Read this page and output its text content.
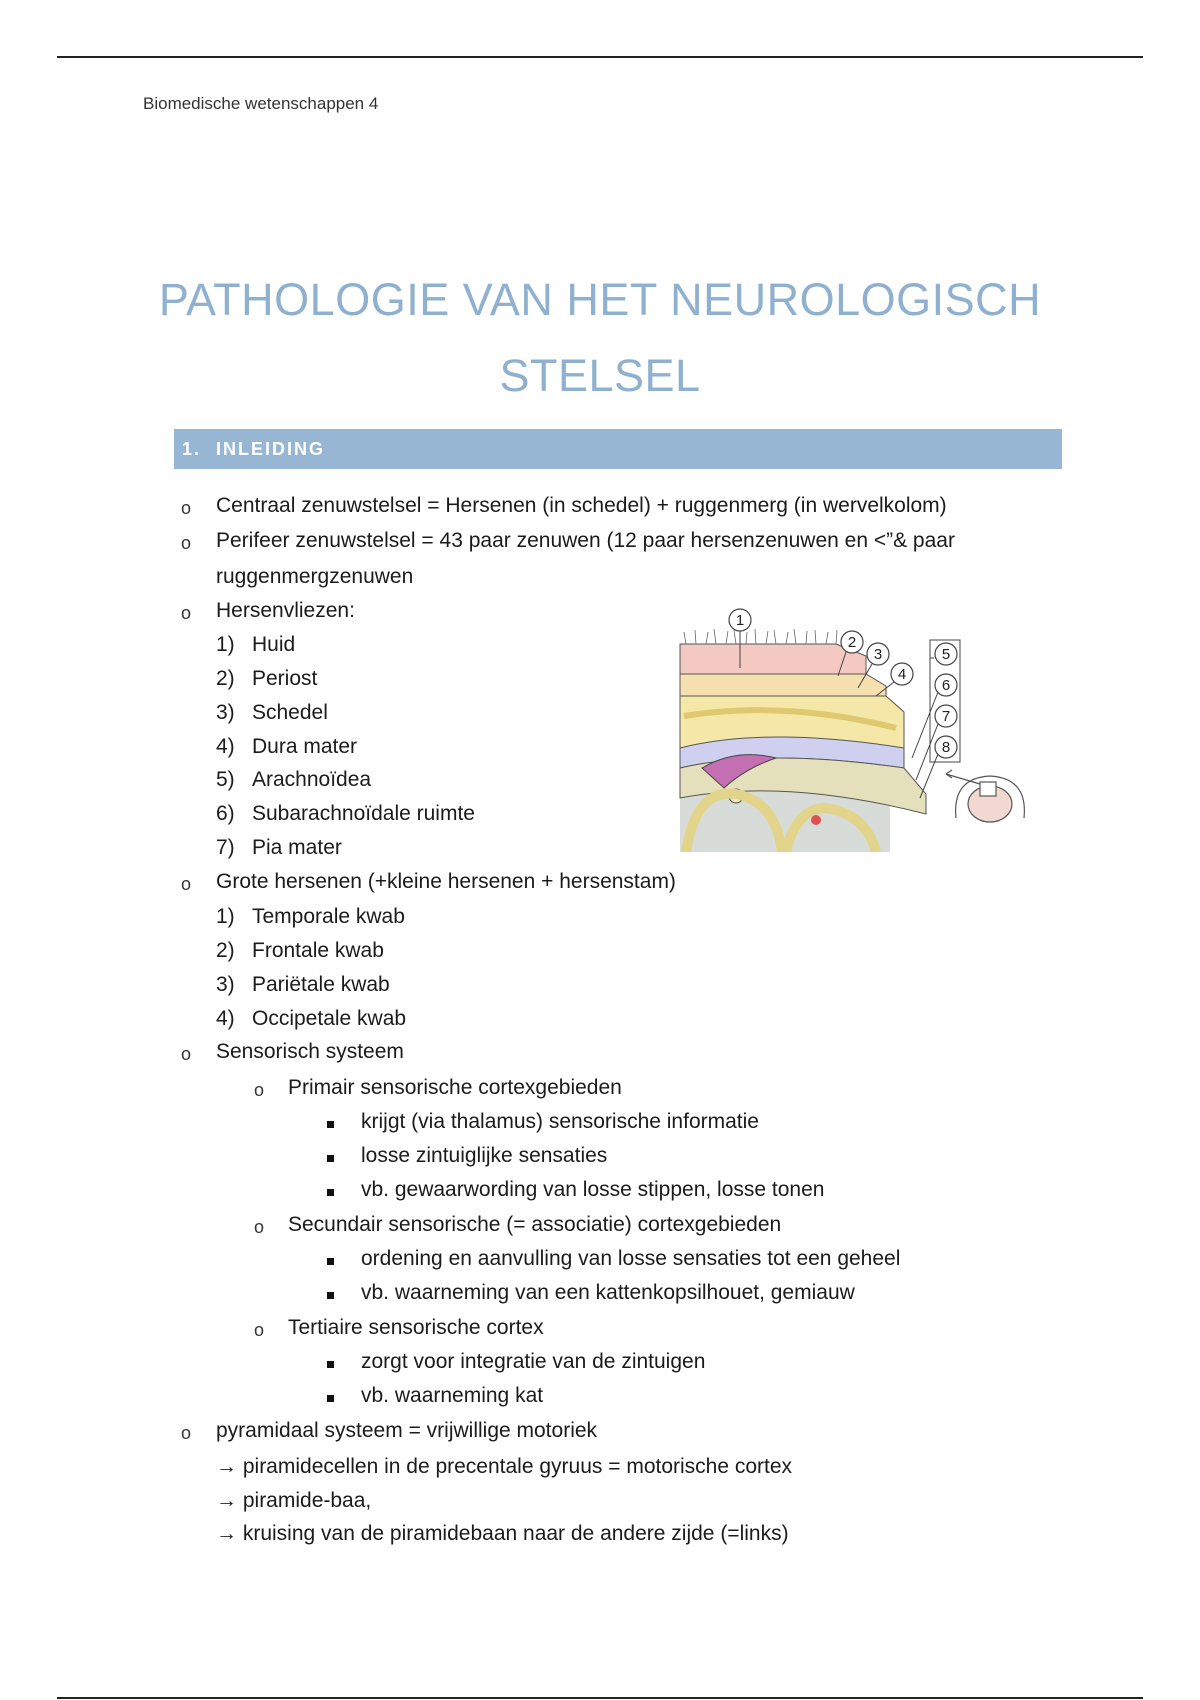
Biomedische wetenschappen 4
PATHOLOGIE VAN HET NEUROLOGISCH
STELSEL
1. INLEIDING
o Centraal zenuwstelsel = Hersenen (in schedel) + ruggenmerg (in wervelkolom)
o Perifeer zenuwstelsel = 43 paar zenuwen (12 paar hersenzenuwen en <”& paar
ruggenmergzenuwen
o Hersenvliezen:
1) Huid
2) Periost
3) Schedel
4) Dura mater
5) Arachnoïdea
6) Subarachnoïdale ruimte
7) Pia mater
1
2
3
4
5
6
7
8
o Grote hersenen (+kleine hersenen + hersenstam)
1) Temporale kwab
2) Frontale kwab
3) Pariëtale kwab
4) Occipetale kwab
o Sensorisch systeem
o Primair sensorische cortexgebieden
krijgt (via thalamus) sensorische informatie
losse zintuiglijke sensaties
vb. gewaarwording van losse stippen, losse tonen
o Secundair sensorische (= associatie) cortexgebieden
ordening en aanvulling van losse sensaties tot een geheel
vb. waarneming van een kattenkopsilhouet, gemiauw
o Tertiaire sensorische cortex
zorgt voor integratie van de zintuigen
vb. waarneming kat
o pyramidaal systeem = vrijwillige motoriek
→ piramidecellen in de precentale gyruus = motorische cortex
→ piramide-baa,
→ kruising van de piramidebaan naar de andere zijde (=links)
